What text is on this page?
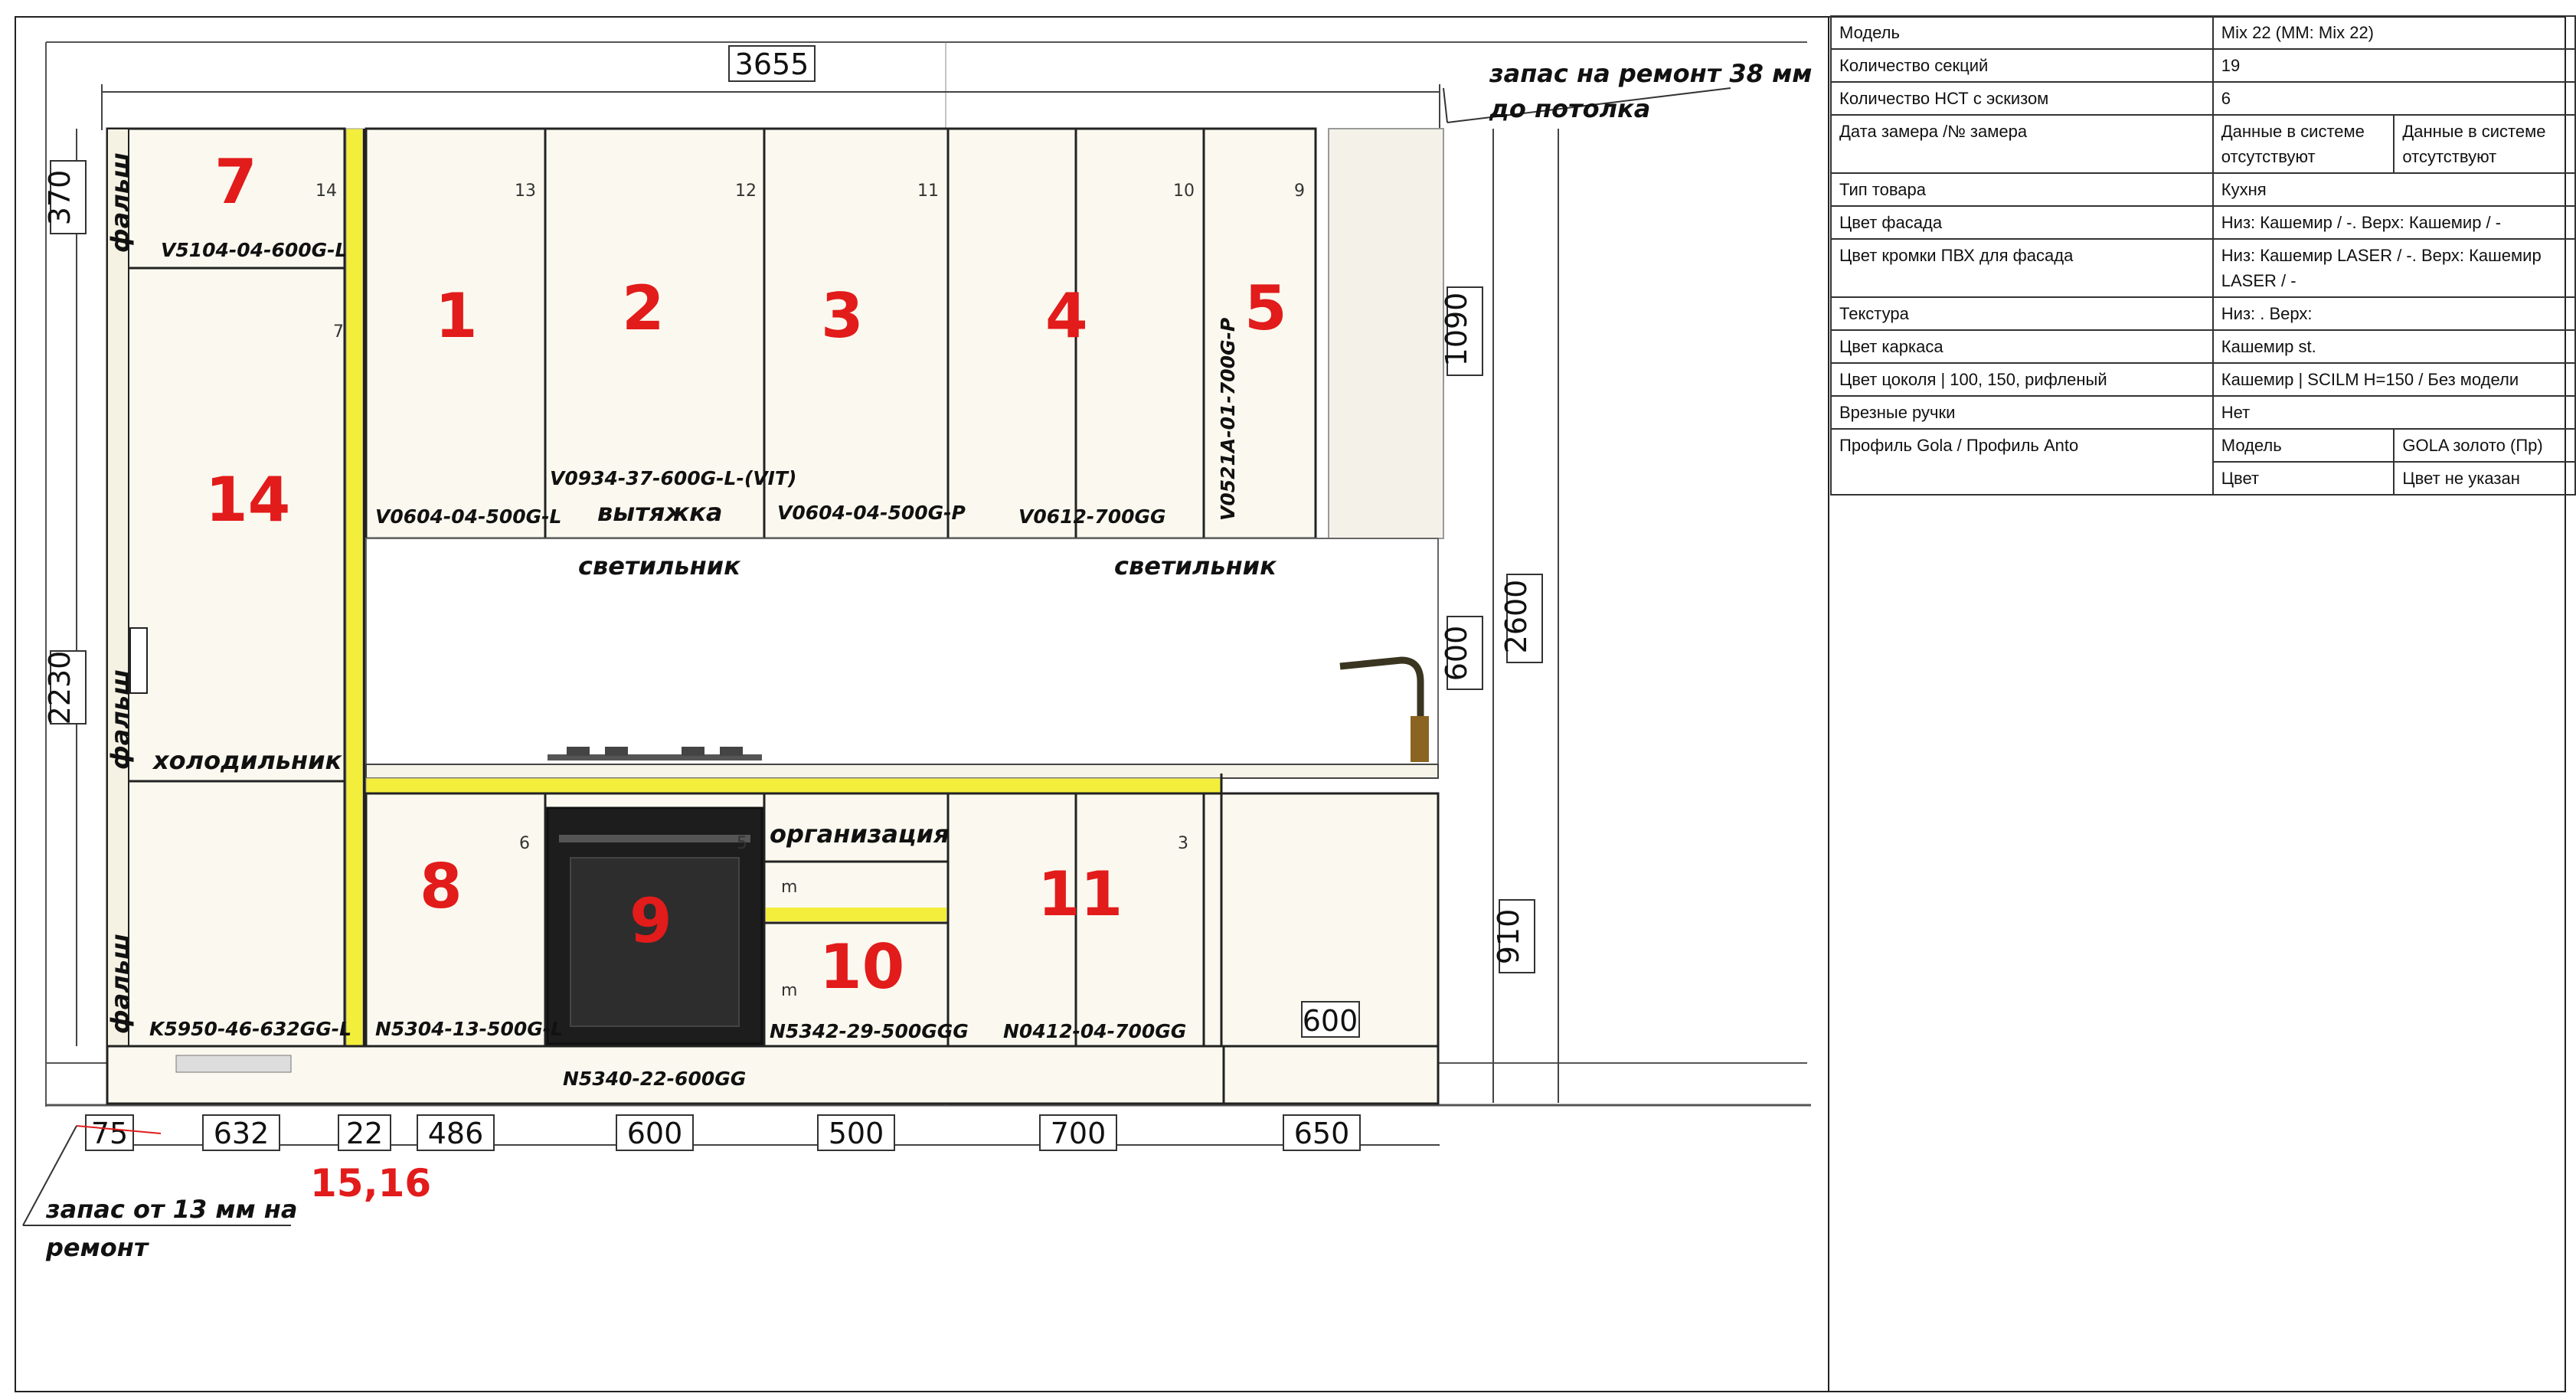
3655	запас на ремонт 38 мм
до потолка
600
370
2230
1090
600 2600
910
75	632	22 486	600	500	700	650
запас от 13 мм на
ремонт
15,16
фальш
фальш
фальш
V5104-04-600G-L
V0604-04-500G-L
V0934-37-600G-L-(VIT)
V0604-04-500G-P	V0612-700GG	V0521A-01-700G-P
K5950-46-632GG-L N5304-13-500G-L	N5342-29-500GGG N0412-04-700GG
N5340-22-600GG
вытяжка
светильник	светильник
холодильник
организация
m
m
7
1 2	3	4	5
14
8	9
10
11
14	13	12	11	10	9
7
6	5	3
Модель	Mix 22 (MM: Mix 22)	
Количество секций	19	
Количество НСТ с эскизом	6	
Дата замера /№ замера	Данные в системе отсутствуют	Данные в системе отсутствуют
Тип товара	Кухня	
Цвет фасада	Низ: Кашемир / -. Верх: Кашемир / -	
Цвет кромки ПВХ для фасада	Низ: Кашемир LASER / -. Верх: Кашемир LASER / -	
Текстура	Низ: . Верх:	
Цвет каркаса	Кашемир st.	
Цвет цоколя | 100, 150, рифленый	Кашемир | SCILM H=150 / Без модели	
Врезные ручки	Нет	
Профиль Gola / Профиль Anto	Модель	GOLA золото (Пр)
	Цвет	Цвет не указан
